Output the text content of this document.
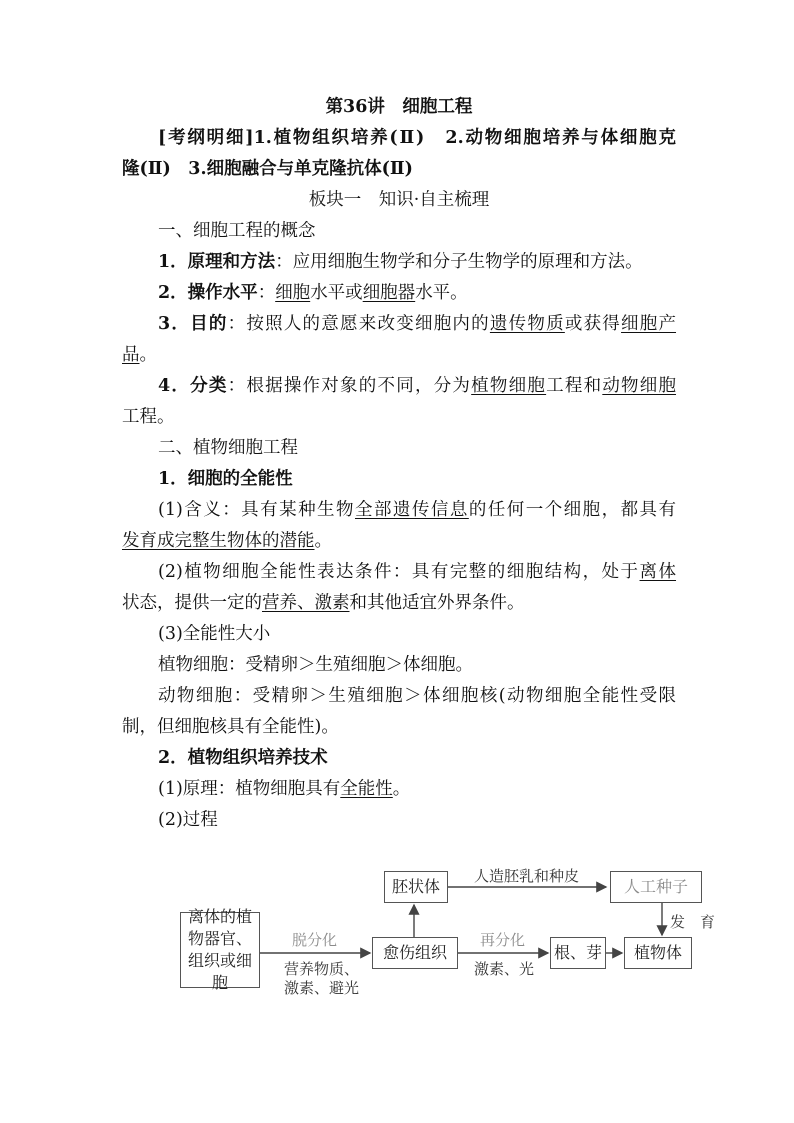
第36讲　细胞工程
[考纲明细]1.植物组织培养(Ⅱ)　2.动物细胞培养与体细胞克
隆(Ⅱ)　3.细胞融合与单克隆抗体(Ⅱ)
板块一　知识·自主梳理
一、细胞工程的概念
1．原理和方法：应用细胞生物学和分子生物学的原理和方法。
2．操作水平：细胞水平或细胞器水平。
3．目的：按照人的意愿来改变细胞内的遗传物质或获得细胞产
品。
4．分类：根据操作对象的不同，分为植物细胞工程和动物细胞
工程。
二、植物细胞工程
1．细胞的全能性
(1)含义：具有某种生物全部遗传信息的任何一个细胞，都具有
发育成完整生物体的潜能。
(2)植物细胞全能性表达条件：具有完整的细胞结构，处于离体
状态，提供一定的营养、激素和其他适宜外界条件。
(3)全能性大小
植物细胞：受精卵＞生殖细胞＞体细胞。
动物细胞：受精卵＞生殖细胞＞体细胞核(动物细胞全能性受限
制，但细胞核具有全能性)。
2．植物组织培养技术
(1)原理：植物细胞具有全能性。
(2)过程
离体的植物器官、组织或细胞
脱分化
营养物质、
激素、避光
愈伤组织
再分化
激素、光
根、芽	植物体
胚状体
人造胚乳和种皮
人工种子
发　育
